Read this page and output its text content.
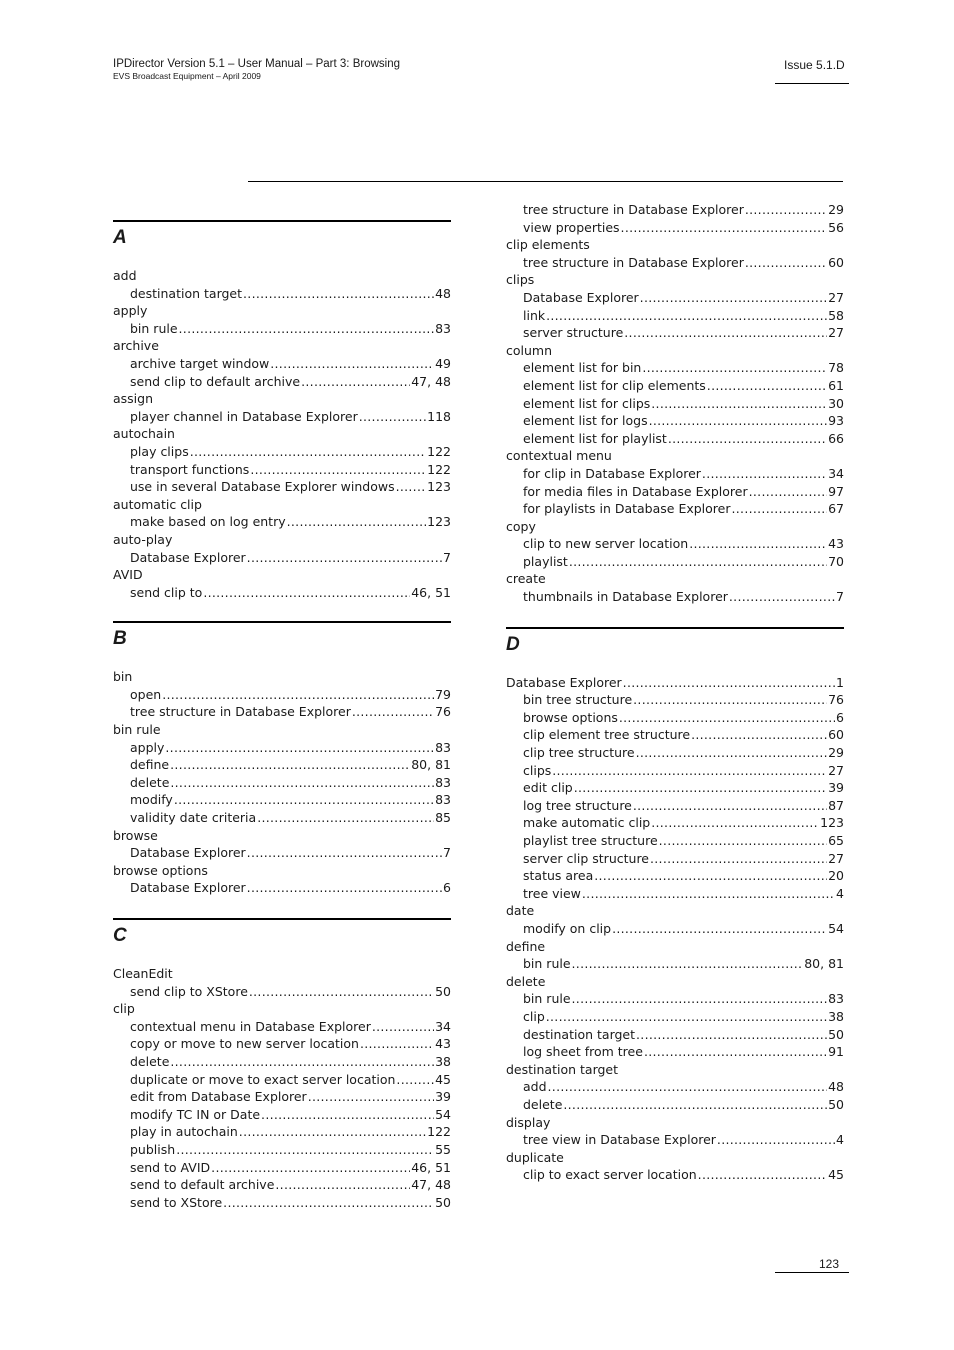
IPDirector Version 5.1 – User Manual – Part 3: Browsing
EVS Broadcast Equipment – April 2009
Issue 5.1.D
A
add
destination target .....	48
apply
bin rule .....	83
archive
archive target window .....	49
send clip to default archive .....	47, 48
assign
player channel in Database Explorer .....	118
autochain
play clips .....	122
transport functions .....	122
use in several Database Explorer windows .....	123
automatic clip
make based on log entry .....	123
auto-play
Database Explorer .....	7
AVID
send clip to .....	46, 51
B
bin
open .....	79
tree structure in Database Explorer .....	76
bin rule
apply .....	83
define .....	80, 81
delete .....	83
modify .....	83
validity date criteria .....	85
browse
Database Explorer .....	7
browse options
Database Explorer .....	6
C
CleanEdit
send clip to XStore .....	50
clip
contextual menu in Database Explorer .....	34
copy or move to new server location .....	43
delete .....	38
duplicate or move to exact server location .....	45
edit from Database Explorer .....	39
modify TC IN or Date .....	54
play in autochain .....	122
publish .....	55
send to AVID .....	46, 51
send to default archive .....	47, 48
send to XStore .....	50
tree structure in Database Explorer .....	29
view properties .....	56
clip elements
tree structure in Database Explorer .....	60
clips
Database Explorer .....	27
link .....	58
server structure .....	27
column
element list for bin .....	78
element list for clip elements .....	61
element list for clips .....	30
element list for logs .....	93
element list for playlist .....	66
contextual menu
for clip in Database Explorer .....	34
for media files in Database Explorer .....	97
for playlists in Database Explorer .....	67
copy
clip to new server location .....	43
playlist .....	70
create
thumbnails in Database Explorer .....	7
D
Database Explorer .....	1
bin tree structure .....	76
browse options .....	6
clip element tree structure .....	60
clip tree structure .....	29
clips .....	27
edit clip .....	39
log tree structure .....	87
make automatic clip .....	123
playlist tree structure .....	65
server clip structure .....	27
status area .....	20
tree view .....	4
date
modify on clip .....	54
define
bin rule .....	80, 81
delete
bin rule .....	83
clip .....	38
destination target .....	50
log sheet from tree .....	91
destination target
add .....	48
delete .....	50
display
tree view in Database Explorer .....	4
duplicate
clip to exact server location .....	45
123
